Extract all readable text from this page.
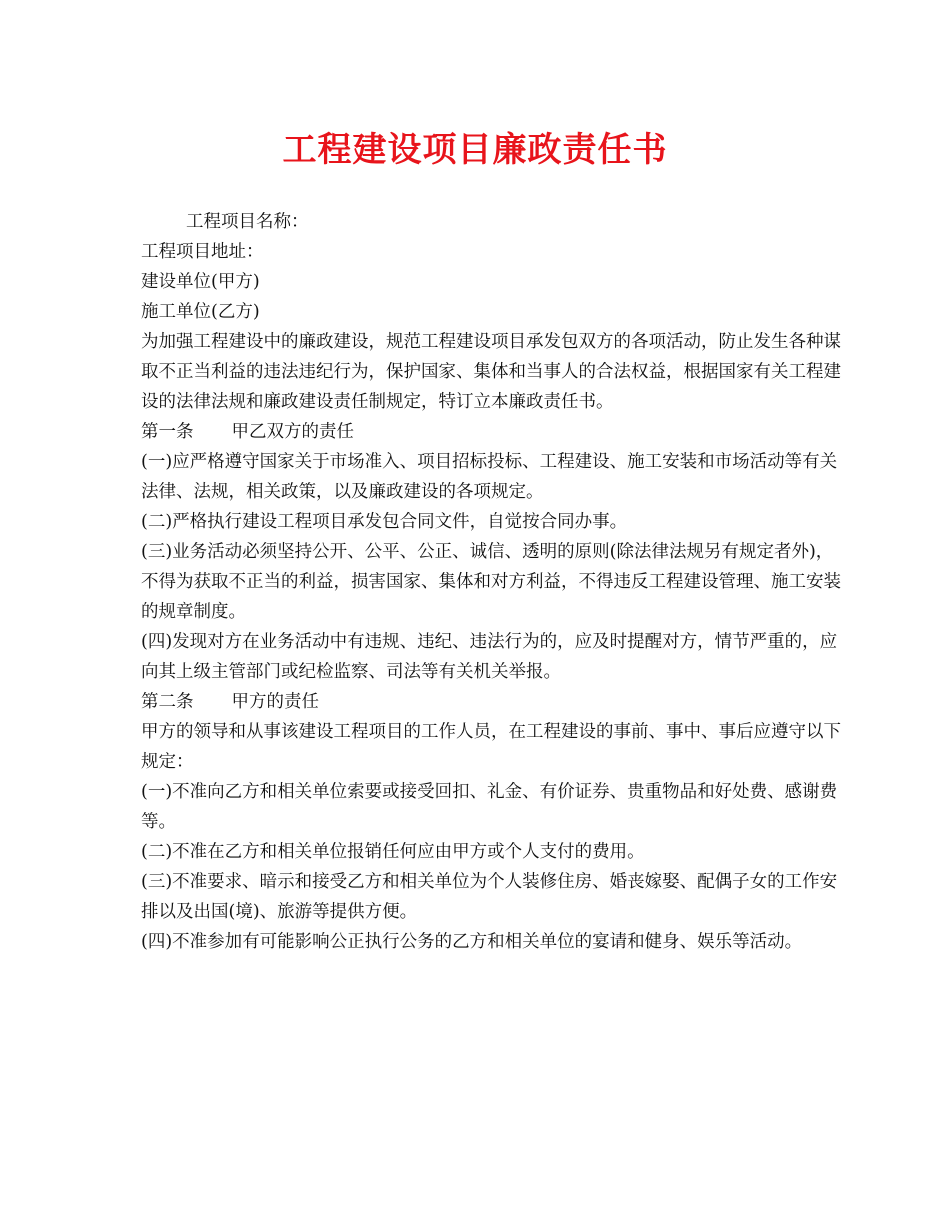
工程建设项目廉政责任书

工程项目名称：

工程项目地址：

建设单位(甲方)

施工单位(乙方)

为加强工程建设中的廉政建设，规范工程建设项目承发包双方的各项活动，防止发生各种谋取不正当利益的违法违纪行为，保护国家、集体和当事人的合法权益，根据国家有关工程建设的法律法规和廉政建设责任制规定，特订立本廉政责任书。

第一条 甲乙双方的责任

(一)应严格遵守国家关于市场准入、项目招标投标、工程建设、施工安装和市场活动等有关法律、法规，相关政策，以及廉政建设的各项规定。

(二)严格执行建设工程项目承发包合同文件，自觉按合同办事。

(三)业务活动必须坚持公开、公平、公正、诚信、透明的原则(除法律法规另有规定者外)，不得为获取不正当的利益，损害国家、集体和对方利益，不得违反工程建设管理、施工安装的规章制度。

(四)发现对方在业务活动中有违规、违纪、违法行为的，应及时提醒对方，情节严重的，应向其上级主管部门或纪检监察、司法等有关机关举报。

第二条 甲方的责任

甲方的领导和从事该建设工程项目的工作人员，在工程建设的事前、事中、事后应遵守以下规定：

(一)不准向乙方和相关单位索要或接受回扣、礼金、有价证券、贵重物品和好处费、感谢费等。

(二)不准在乙方和相关单位报销任何应由甲方或个人支付的费用。

(三)不准要求、暗示和接受乙方和相关单位为个人装修住房、婚丧嫁娶、配偶子女的工作安排以及出国(境)、旅游等提供方便。

(四)不准参加有可能影响公正执行公务的乙方和相关单位的宴请和健身、娱乐等活动。
